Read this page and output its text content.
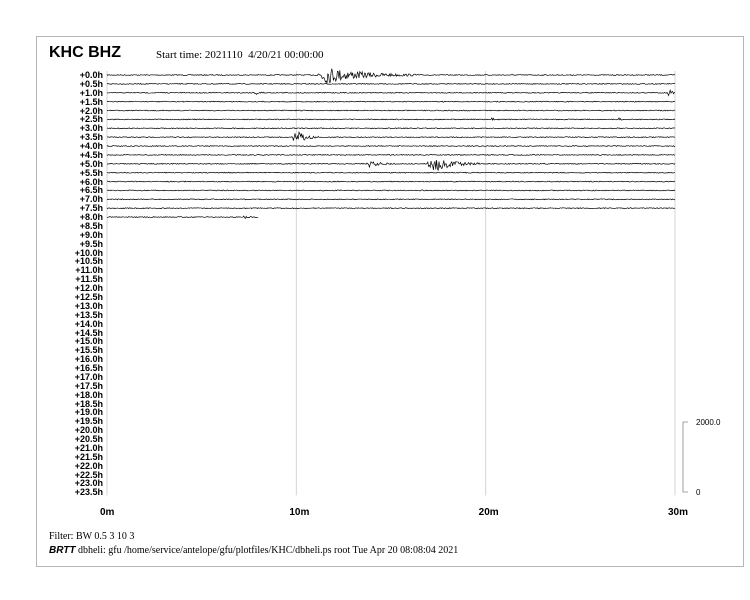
KHC BHZ	Start time: 2021110  4/20/21 00:00:00
+0.0h
+0.5h
+1.0h
+1.5h
+2.0h
+2.5h
+3.0h
+3.5h
+4.0h
+4.5h
+5.0h
+5.5h
+6.0h
+6.5h
+7.0h
+7.5h
+8.0h
+8.5h
+9.0h
+9.5h
+10.0h
+10.5h
+11.0h
+11.5h
+12.0h
+12.5h
+13.0h
+13.5h
+14.0h
+14.5h
+15.0h
+15.5h
+16.0h
+16.5h
+17.0h
+17.5h
+18.0h
+18.5h
+19.0h
+19.5h
+20.0h
+20.5h
+21.0h
+21.5h
+22.0h
+22.5h
+23.0h
+23.5h
0m	10m	20m	30m
2000.0
0
Filter: BW 0.5 3 10 3
BRTT dbheli: gfu /home/service/antelope/gfu/plotfiles/KHC/dbheli.ps root Tue Apr 20 08:08:04 2021
